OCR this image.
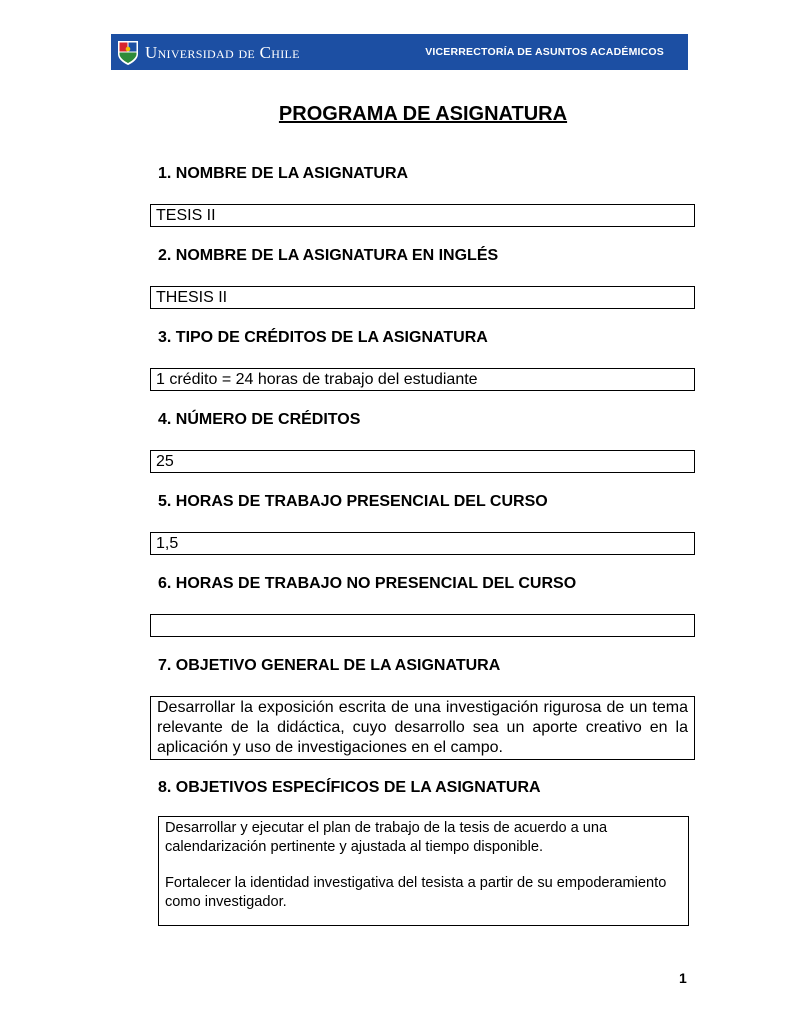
Universidad de Chile	VICERRECTORÍA DE ASUNTOS ACADÉMICOS
PROGRAMA DE ASIGNATURA
1. NOMBRE DE LA ASIGNATURA
TESIS II
2. NOMBRE DE LA ASIGNATURA EN INGLÉS
THESIS II
3. TIPO DE CRÉDITOS DE LA ASIGNATURA
1 crédito = 24 horas de trabajo del estudiante
4. NÚMERO DE CRÉDITOS
25
5. HORAS DE TRABAJO PRESENCIAL DEL CURSO
1,5
6. HORAS DE TRABAJO NO PRESENCIAL DEL CURSO
7. OBJETIVO GENERAL DE LA ASIGNATURA
Desarrollar la exposición escrita de una investigación rigurosa de un tema relevante de la didáctica, cuyo desarrollo sea un aporte creativo en la aplicación y uso de investigaciones en el campo.
8. OBJETIVOS ESPECÍFICOS DE LA ASIGNATURA

Desarrollar y ejecutar el plan de trabajo de la tesis de acuerdo a una calendarización pertinente y ajustada al tiempo disponible.

Fortalecer la identidad investigativa del tesista a partir de su empoderamiento como investigador.

1
